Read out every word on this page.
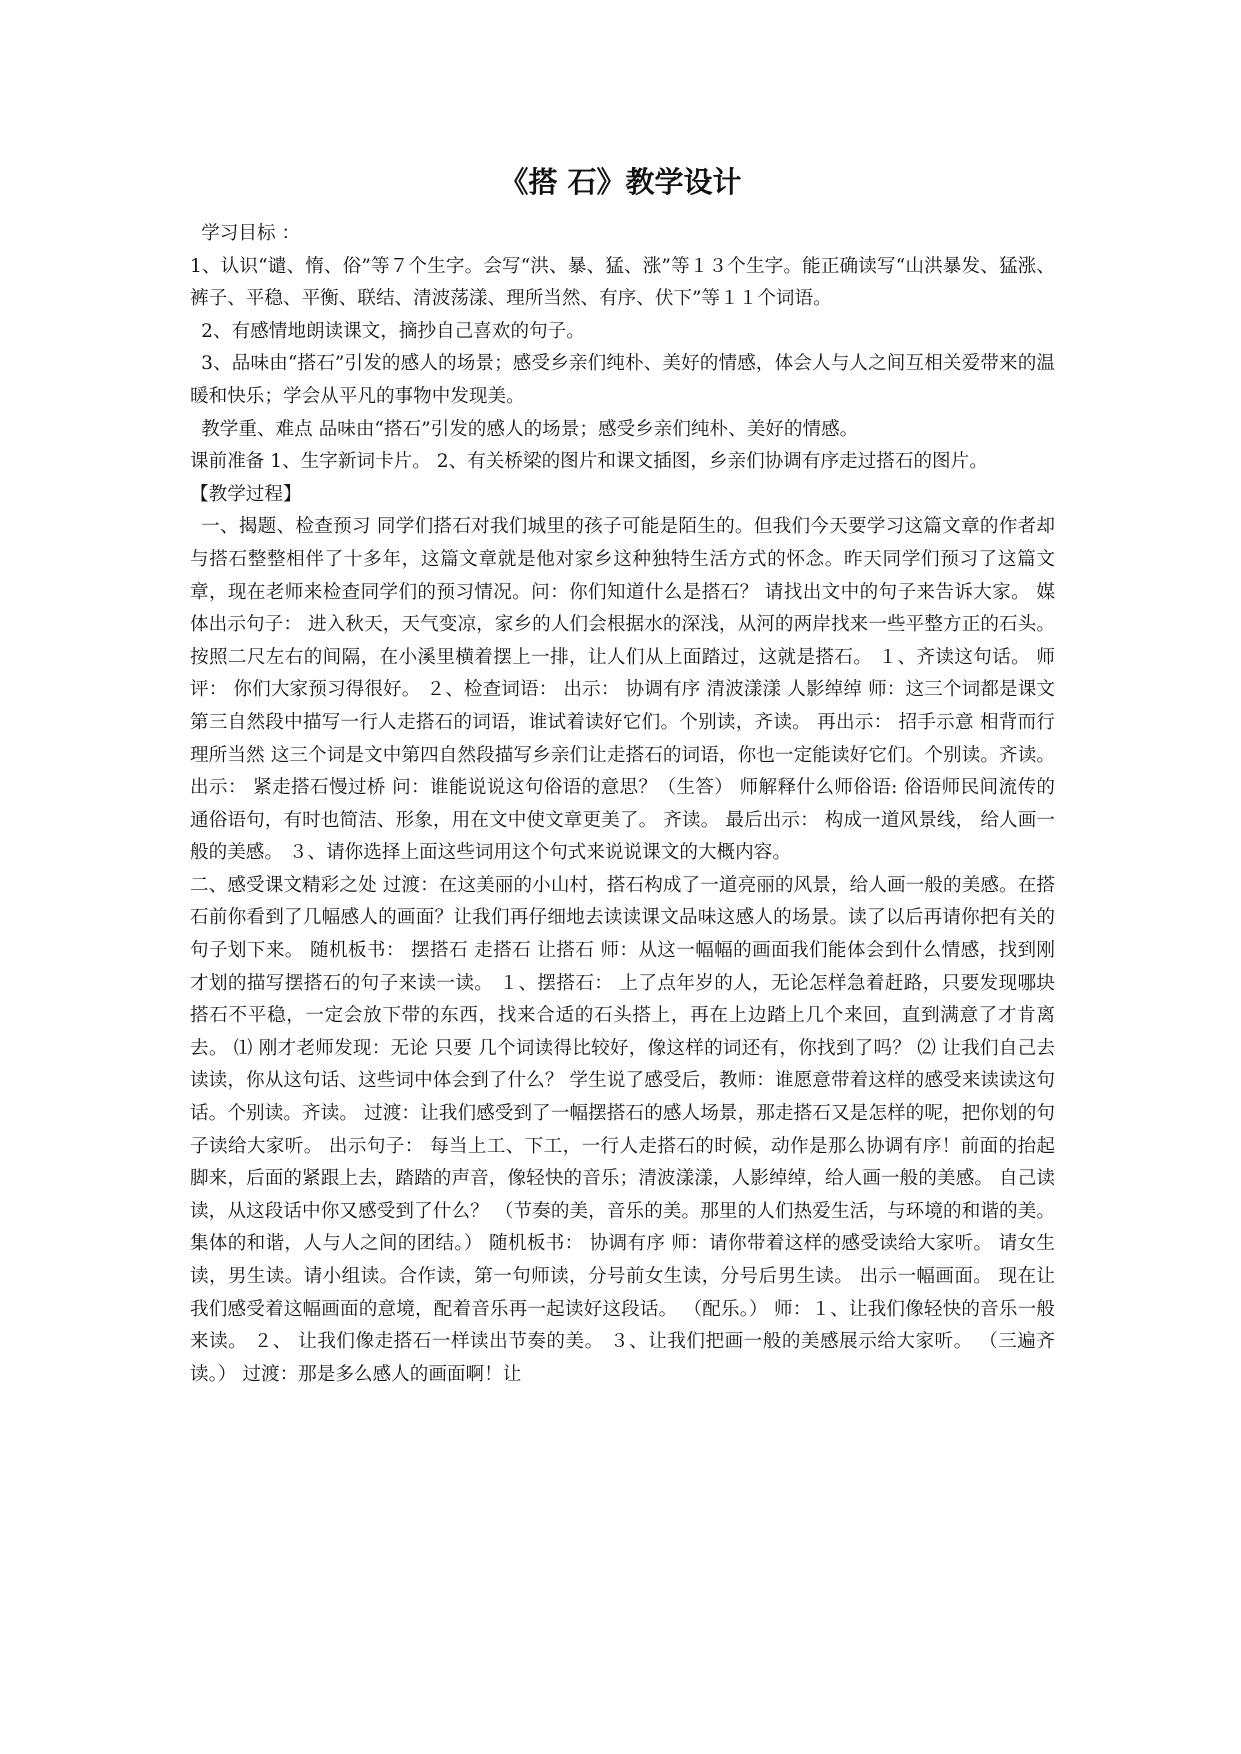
《搭 石》教学设计

学习目标 ：

1、认识“谴、惰、俗”等７个生字。会写“洪、暴、猛、涨”等１３个生字。能正确读写“山洪暴发、猛涨、裤子、平稳、平衡、联结、清波荡漾、理所当然、有序、伏下”等１１个词语。

2、有感情地朗读课文，摘抄自己喜欢的句子。

3、品味由“搭石”引发的感人的场景；感受乡亲们纯朴、美好的情感，体会人与人之间互相关爱带来的温暖和快乐；学会从平凡的事物中发现美。

教学重、难点 品味由“搭石”引发的感人的场景；感受乡亲们纯朴、美好的情感。

课前准备 1、生字新词卡片。 2、有关桥梁的图片和课文插图，乡亲们协调有序走过搭石的图片。

【教学过程】

一、揭题、检查预习 同学们搭石对我们城里的孩子可能是陌生的。但我们今天要学习这篇文章的作者却与搭石整整相伴了十多年，这篇文章就是他对家乡这种独特生活方式的怀念。昨天同学们预习了这篇文章，现在老师来检查同学们的预习情况。问：你们知道什么是搭石？ 请找出文中的句子来告诉大家。 媒体出示句子： 进入秋天，天气变凉，家乡的人们会根据水的深浅，从河的两岸找来一些平整方正的石头。按照二尺左右的间隔，在小溪里横着摆上一排，让人们从上面踏过，这就是搭石。 １、齐读这句话。 师评： 你们大家预习得很好。 ２、检查词语： 出示： 协调有序 清波漾漾 人影绰绰 师：这三个词都是课文第三自然段中描写一行人走搭石的词语，谁试着读好它们。个别读，齐读。 再出示： 招手示意 相背而行 理所当然 这三个词是文中第四自然段描写乡亲们让走搭石的词语，你也一定能读好它们。个别读。齐读。 出示： 紧走搭石慢过桥 问：谁能说说这句俗语的意思？（生答） 师解释什么师俗语: 俗语师民间流传的通俗语句，有时也简洁、形象，用在文中使文章更美了。 齐读。 最后出示： 构成一道风景线， 给人画一般的美感。 ３、请你选择上面这些词用这个句式来说说课文的大概内容。

二、感受课文精彩之处 过渡：在这美丽的小山村，搭石构成了一道亮丽的风景，给人画一般的美感。在搭石前你看到了几幅感人的画面？让我们再仔细地去读读课文品味这感人的场景。读了以后再请你把有关的句子划下来。 随机板书： 摆搭石 走搭石 让搭石 师：从这一幅幅的画面我们能体会到什么情感，找到刚才划的描写摆搭石的句子来读一读。 １、摆搭石： 上了点年岁的人，无论怎样急着赶路，只要发现哪块搭石不平稳，一定会放下带的东西，找来合适的石头搭上，再在上边踏上几个来回，直到满意了才肯离去。 ⑴ 刚才老师发现：无论 只要 几个词读得比较好，像这样的词还有，你找到了吗？ ⑵ 让我们自己去读读，你从这句话、这些词中体会到了什么？ 学生说了感受后，教师：谁愿意带着这样的感受来读读这句话。个别读。齐读。 过渡：让我们感受到了一幅摆搭石的感人场景，那走搭石又是怎样的呢，把你划的句子读给大家听。 出示句子： 每当上工、下工，一行人走搭石的时候，动作是那么协调有序！前面的抬起脚来，后面的紧跟上去，踏踏的声音，像轻快的音乐；清波漾漾，人影绰绰，给人画一般的美感。 自己读读，从这段话中你又感受到了什么？ （节奏的美，音乐的美。那里的人们热爱生活，与环境的和谐的美。集体的和谐，人与人之间的团结。） 随机板书： 协调有序 师：请你带着这样的感受读给大家听。 请女生读，男生读。请小组读。合作读，第一句师读，分号前女生读，分号后男生读。 出示一幅画面。 现在让我们感受着这幅画面的意境，配着音乐再一起读好这段话。 （配乐。） 师：１、让我们像轻快的音乐一般来读。 ２、 让我们像走搭石一样读出节奏的美。 ３、让我们把画一般的美感展示给大家听。 （三遍齐读。） 过渡：那是多么感人的画面啊！让
